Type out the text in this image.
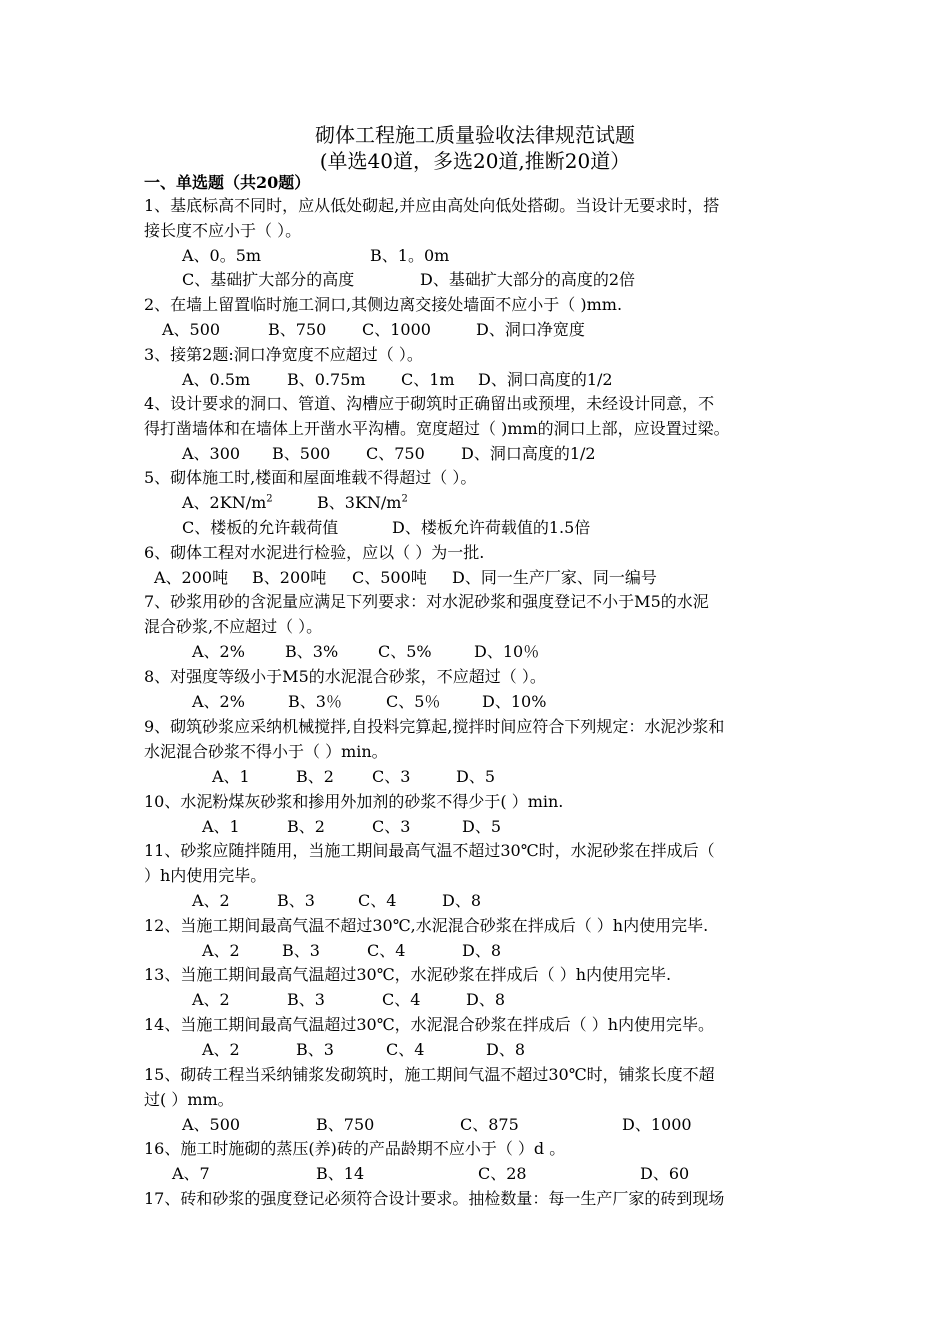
砌体工程施工质量验收法律规范试题
(单选40道，多选20道,推断20道）
一、单选题（共20题）
1、基底标高不同时，应从低处砌起,并应由高处向低处搭砌。当设计无要求时，搭
接长度不应小于（ ）。
A、0。5m	B、1。0m
C、基础扩大部分的高度	D、基础扩大部分的高度的2倍
2、在墙上留置临时施工洞口,其侧边离交接处墙面不应小于（ )mm.
A、500	B、750 C、1000	D、洞口净宽度
3、接第2题:洞口净宽度不应超过（ ）。
A、0.5m B、0.75m C、1m D、洞口高度的1/2
4、设计要求的洞口、管道、沟槽应于砌筑时正确留出或预埋，未经设计同意，不
得打凿墙体和在墙体上开凿水平沟槽。宽度超过（ )mm的洞口上部，应设置过梁。
A、300 B、500 C、750 D、洞口高度的1/2
5、砌体施工时,楼面和屋面堆载不得超过（ ）。
A、$2KN/m^2$	B、$3KN/m^2$
C、楼板的允许载荷值	D、楼板允许荷载值的1.5倍
6、砌体工程对水泥进行检验，应以（ ）为一批.
A、200吨 B、200吨 C、500吨 D、同一生产厂家、同一编号
7、砂浆用砂的含泥量应满足下列要求：对水泥砂浆和强度登记不小于M5的水泥
混合砂浆,不应超过（ ）。
A、2%	B、3% C、5%	D、10％
8、对强度等级小于M5的水泥混合砂浆，不应超过（ ）。
A、2%	B、3％	C、5％	D、10%
9、砌筑砂浆应采纳机械搅拌,自投料完算起,搅拌时间应符合下列规定：水泥沙浆和
水泥混合砂浆不得小于（ ）min。
A、1	B、2 C、3	D、5
10、水泥粉煤灰砂浆和掺用外加剂的砂浆不得少于( ）min.
A、1	B、2	C、3	D、5
11、砂浆应随拌随用，当施工期间最高气温不超过30℃时，水泥砂浆在拌成后（
）h内使用完毕。
A、2	B、3	C、4	D、8
12、当施工期间最高气温不超过30℃,水泥混合砂浆在拌成后（ ）h内使用完毕.
A、2	B、3	C、4	D、8
13、当施工期间最高气温超过30℃，水泥砂浆在拌成后（ ）h内使用完毕.
A、2	B、3	C、4	D、8
14、当施工期间最高气温超过30℃，水泥混合砂浆在拌成后（ ）h内使用完毕。
A、2	B、3	C、4	D、8
15、砌砖工程当采纳铺浆发砌筑时，施工期间气温不超过30℃时，铺浆长度不超
过( ）mm。
A、500	B、750	C、875	D、1000
16、施工时施砌的蒸压(养)砖的产品龄期不应小于（ ）d 。
A、7	B、14	C、28	D、60
17、砖和砂浆的强度登记必须符合设计要求。抽检数量：每一生产厂家的砖到现场
